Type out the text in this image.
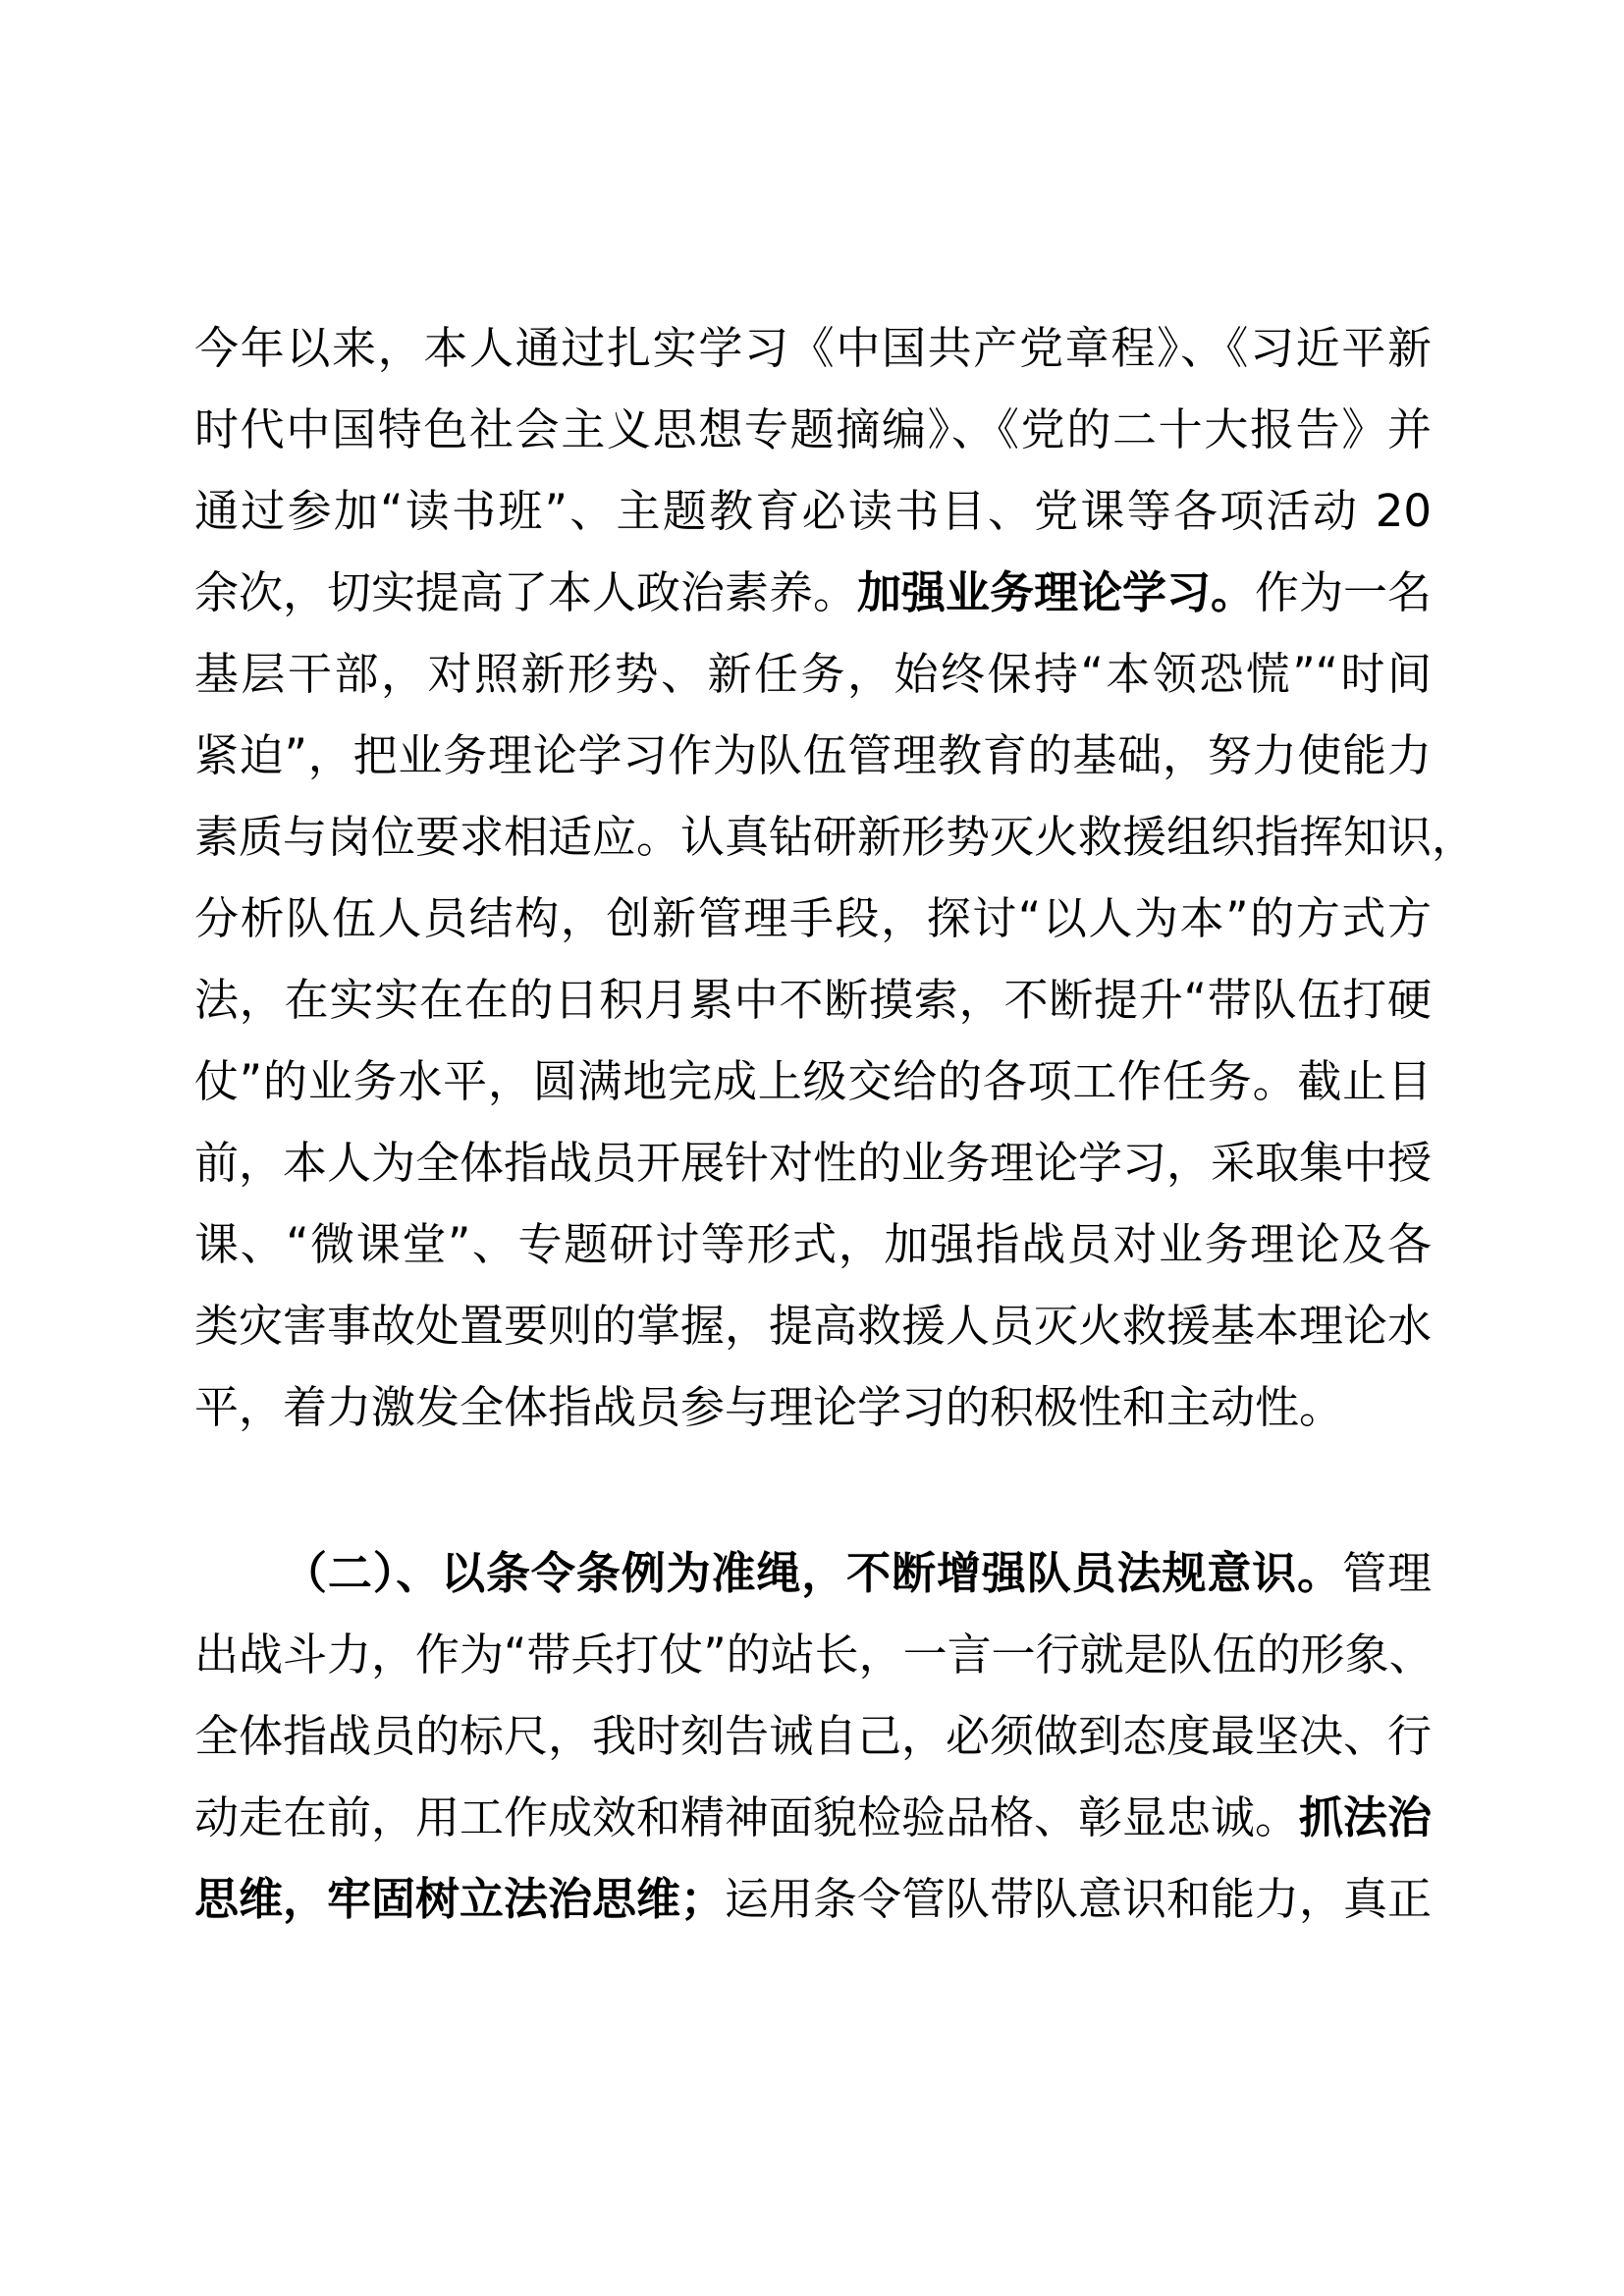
今年以来，本人通过扎实学习《中国共产党章程》、《习近平新
时代中国特色社会主义思想专题摘编》、《党的二十大报告》并
通过参加“读书班”、主题教育必读书目、党课等各项活动 20
余次，切实提高了本人政治素养。加强业务理论学习。作为一名
基层干部，对照新形势、新任务，始终保持“本领恐慌”“时间
紧迫”，把业务理论学习作为队伍管理教育的基础，努力使能力
素质与岗位要求相适应。认真钻研新形势灭火救援组织指挥知识，
分析队伍人员结构，创新管理手段，探讨“以人为本”的方式方
法，在实实在在的日积月累中不断摸索，不断提升“带队伍打硬
仗”的业务水平，圆满地完成上级交给的各项工作任务。截止目
前，本人为全体指战员开展针对性的业务理论学习，采取集中授
课、“微课堂”、专题研讨等形式，加强指战员对业务理论及各
类灾害事故处置要则的掌握，提高救援人员灭火救援基本理论水
平，着力激发全体指战员参与理论学习的积极性和主动性。
（二）、以条令条例为准绳，不断增强队员法规意识。管理
出战斗力，作为“带兵打仗”的站长，一言一行就是队伍的形象、
全体指战员的标尺，我时刻告诫自己，必须做到态度最坚决、行
动走在前，用工作成效和精神面貌检验品格、彰显忠诚。抓法治
思维，牢固树立法治思维；运用条令管队带队意识和能力，真正
